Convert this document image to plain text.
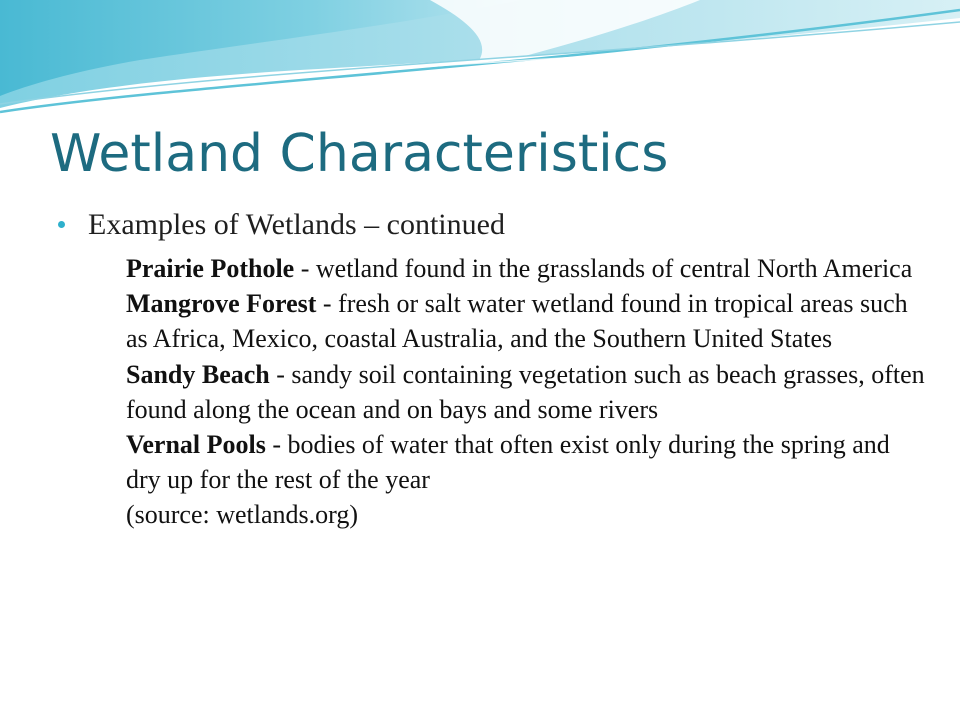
Wetland Characteristics
Examples of Wetlands – continued

Prairie Pothole - wetland found in the grasslands of central North America

Mangrove Forest - fresh or salt water wetland found in tropical areas such as Africa, Mexico, coastal Australia, and the Southern United States

Sandy Beach - sandy soil containing vegetation such as beach grasses, often found along the ocean and on bays and some rivers

Vernal Pools - bodies of water that often exist only during the spring and dry up for the rest of the year

(source: wetlands.org)
